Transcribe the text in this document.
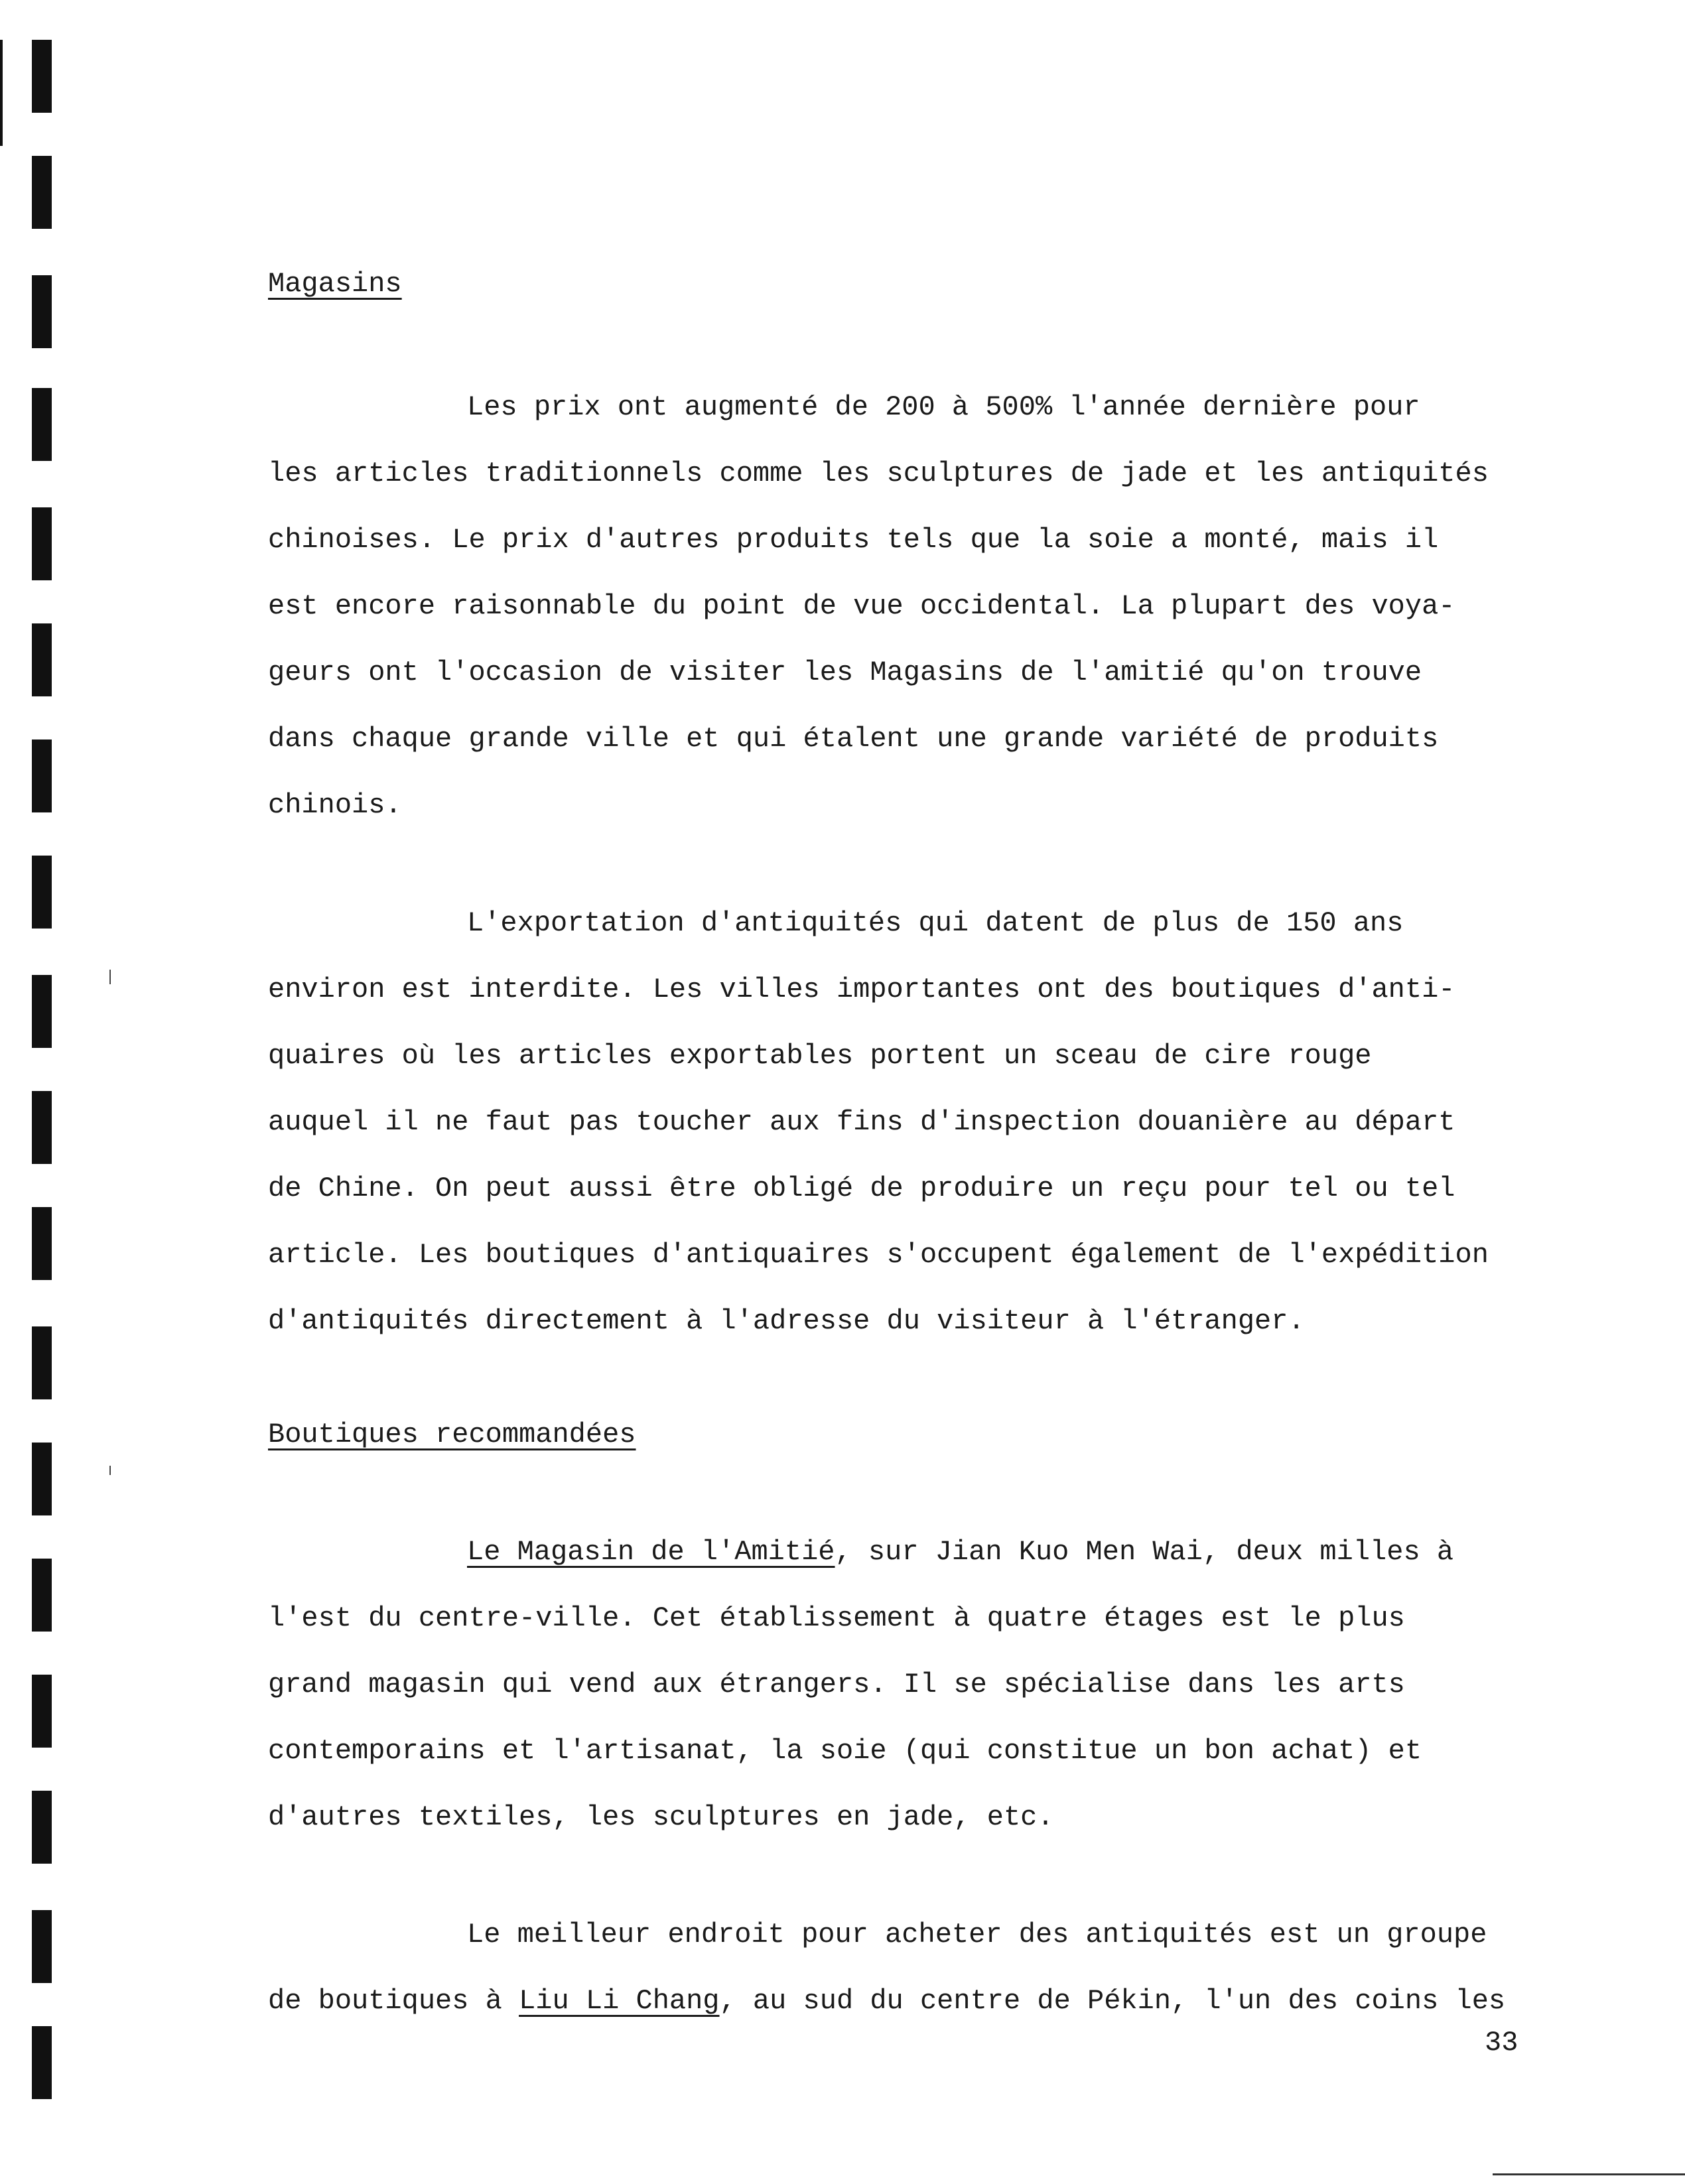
Magasins
Les prix ont augmenté de 200 à 500% l'année dernière pour
les articles traditionnels comme les sculptures de jade et les antiquités
chinoises. Le prix d'autres produits tels que la soie a monté, mais il
est encore raisonnable du point de vue occidental. La plupart des voya-
geurs ont l'occasion de visiter les Magasins de l'amitié qu'on trouve
dans chaque grande ville et qui étalent une grande variété de produits
chinois.
L'exportation d'antiquités qui datent de plus de 150 ans
environ est interdite. Les villes importantes ont des boutiques d'anti-
quaires où les articles exportables portent un sceau de cire rouge
auquel il ne faut pas toucher aux fins d'inspection douanière au départ
de Chine. On peut aussi être obligé de produire un reçu pour tel ou tel
article. Les boutiques d'antiquaires s'occupent également de l'expédition
d'antiquités directement à l'adresse du visiteur à l'étranger.
Boutiques recommandées
Le Magasin de l'Amitié, sur Jian Kuo Men Wai, deux milles à
l'est du centre-ville. Cet établissement à quatre étages est le plus
grand magasin qui vend aux étrangers. Il se spécialise dans les arts
contemporains et l'artisanat, la soie (qui constitue un bon achat) et
d'autres textiles, les sculptures en jade, etc.
Le meilleur endroit pour acheter des antiquités est un groupe
de boutiques à Liu Li Chang, au sud du centre de Pékin, l'un des coins les
33
